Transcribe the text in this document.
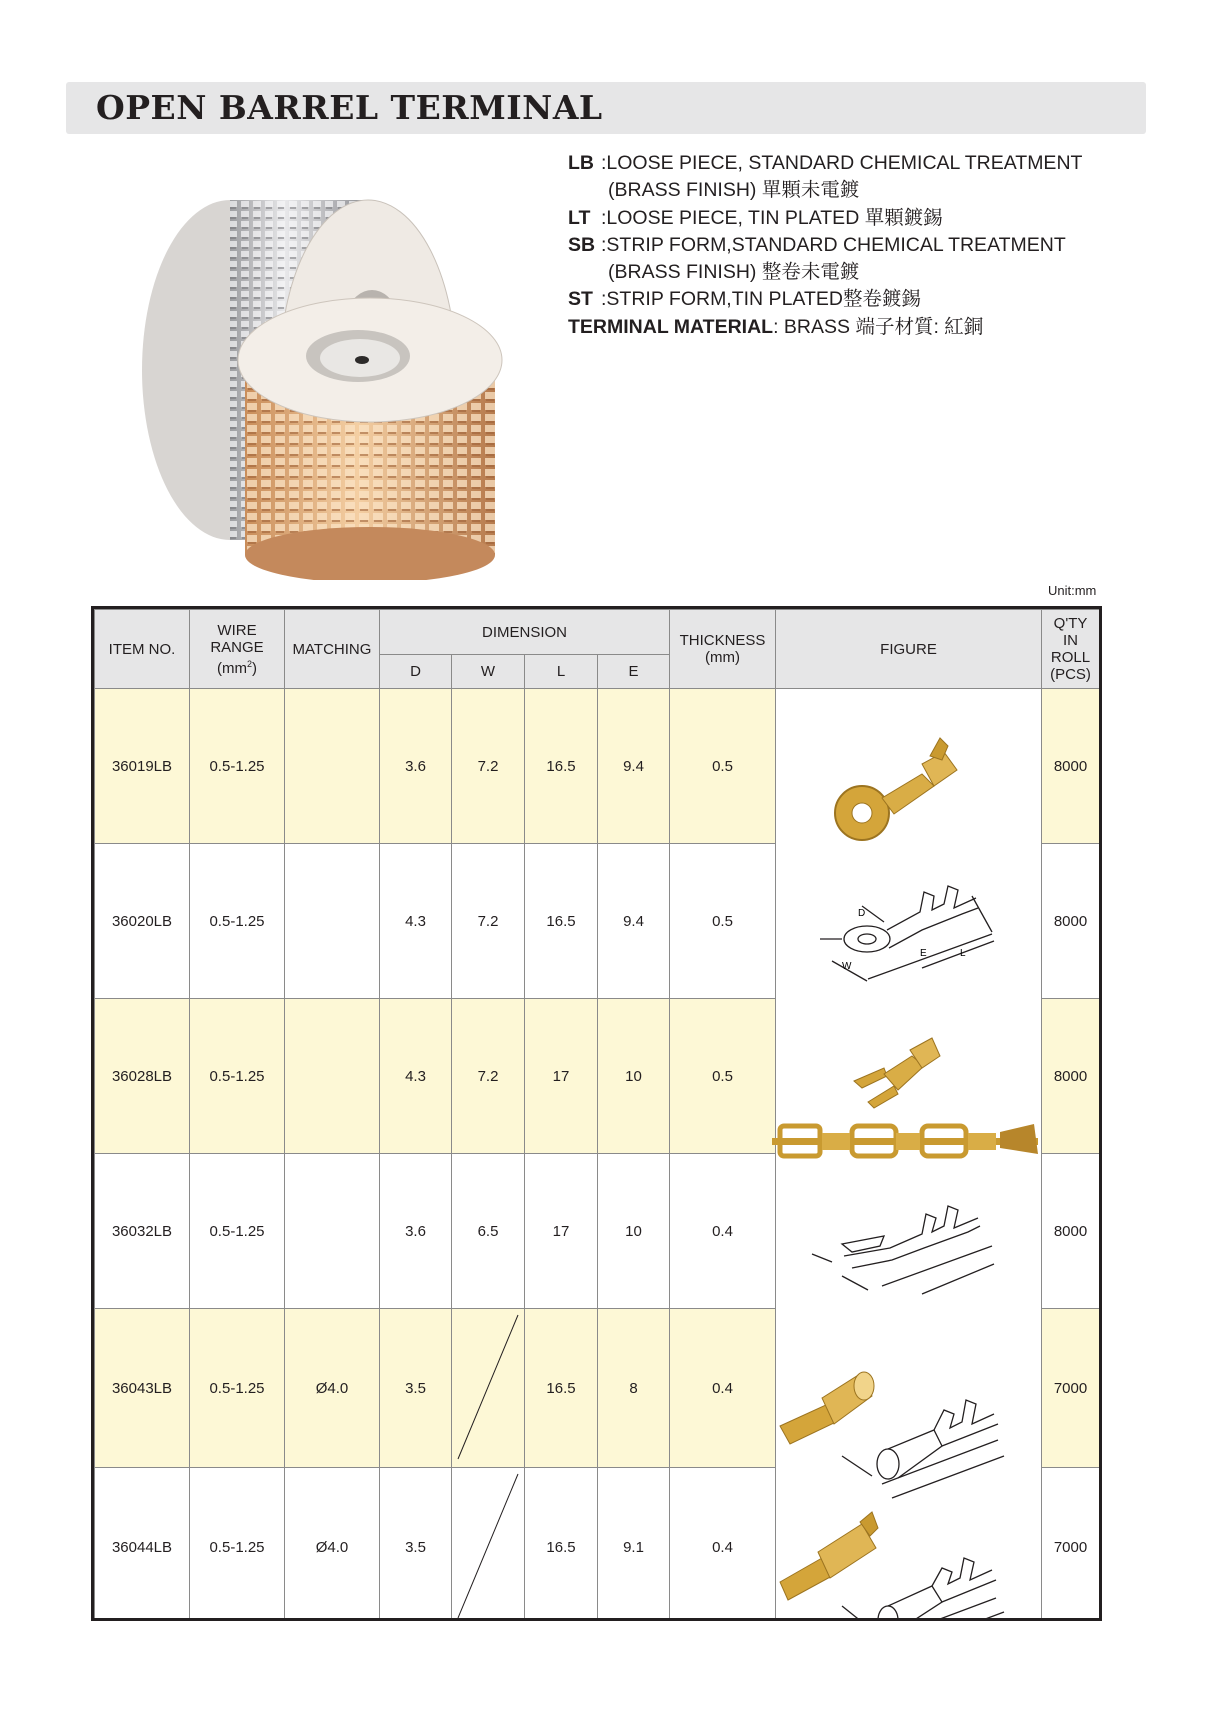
OPEN BARREL TERMINAL
LB :LOOSE PIECE, STANDARD CHEMICAL TREATMENT
(BRASS FINISH) 單顆未電鍍
LT :LOOSE PIECE, TIN PLATED 單顆鍍錫
SB :STRIP FORM,STANDARD CHEMICAL TREATMENT
(BRASS FINISH) 整卷未電鍍
ST :STRIP FORM,TIN PLATED整卷鍍錫
TERMINAL MATERIAL: BRASS 端子材質: 紅銅
Unit:mm
ITEM NO.	WIRE
RANGE
$(mm^2)$	MATCHING	DIMENSION				THICKNESS
(mm)	FIGURE	Q'TY
IN
ROLL
(PCS)
			D	W	L	E			
36019LB	0.5-1.25		3.6	7.2	16.5	9.4	0.5		8000
36020LB	0.5-1.25		4.3	7.2	16.5	9.4	0.5		8000
36028LB	0.5-1.25		4.3	7.2	17	10	0.5		8000
36032LB	0.5-1.25		3.6	6.5	17	10	0.4		8000
36043LB	0.5-1.25	Ø4.0	3.5		16.5	8	0.4		7000
36044LB	0.5-1.25	Ø4.0	3.5		16.5	9.1	0.4		7000
D
W
E	L
